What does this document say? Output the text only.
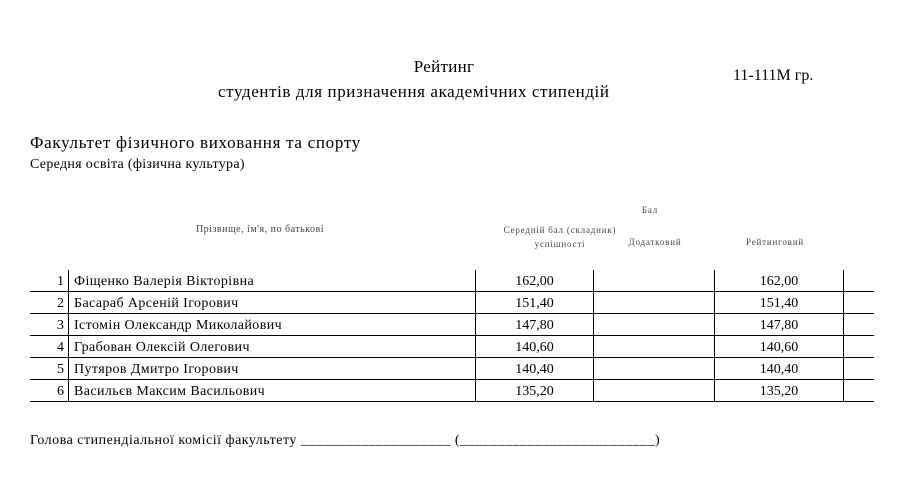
Рейтинг
студентів для призначення академічних стипендій
11-111М гр.
Факультет фізичного виховання та спорту
Середня освіта (фізична культура)
Прізвище, ім'я, по батькові
Бал
Середній бал (складник) успішності	Додатковий	Рейтинговий
1	Фіщенко Валерія Вікторівна	162,00		162,00	
2	Басараб Арсеній Ігорович	151,40		151,40	
3	Істомін Олександр Миколайович	147,80		147,80	
4	Грабован Олексій Олегович	140,60		140,60	
5	Путяров Дмитро Ігорович	140,40		140,40	
6	Васильєв Максим Васильович	135,20		135,20	
Голова стипендіальної комісії факультету ____________________ (__________________________)
